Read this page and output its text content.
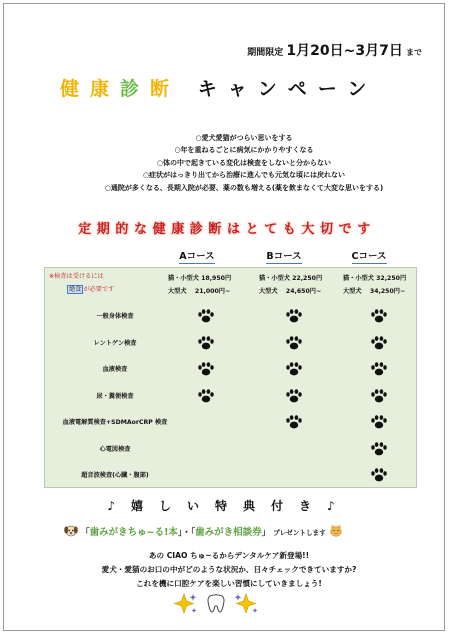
期間限定 1月20日~3月7日 まで
健康診断 キャンペーン
○愛犬愛猫がつらい思いをする
○年を重ねるごとに病気にかかりやすくなる
○体の中で起きている変化は検査をしないと分からない
○症状がはっきり出てから治療に進んでも元気な頃には戻れない
○通院が多くなる、長期入院が必要、薬の数も増える(薬を飲まなくて大変な思いをする)
定期的な健康診断はとても大切です
Aコース	Bコース	Cコース
※検査は受けるには
絶食 が必要です
猫・小型犬 18,950円
大型犬　 21,000円~
猫・小型犬 22,250円
大型犬　 24,650円~
猫・小型犬 32,250円
大型犬　 34,250円~
一般身体検査
レントゲン検査
血液検査
尿・糞便検査
血液電解質検査+SDMAorCRP 検査
心電図検査
超音波検査(心臓・腹部)
♪嬉しい特典付き♪
「歯みがきちゅ~る!本」・「歯みがき相談券」 プレゼントします
あの CIAO ちゅ~るからデンタルケア新登場!!
愛犬・愛猫のお口の中がどのような状況か、日々チェックできていますか?
これを機に口腔ケアを楽しい習慣にしていきましょう!
